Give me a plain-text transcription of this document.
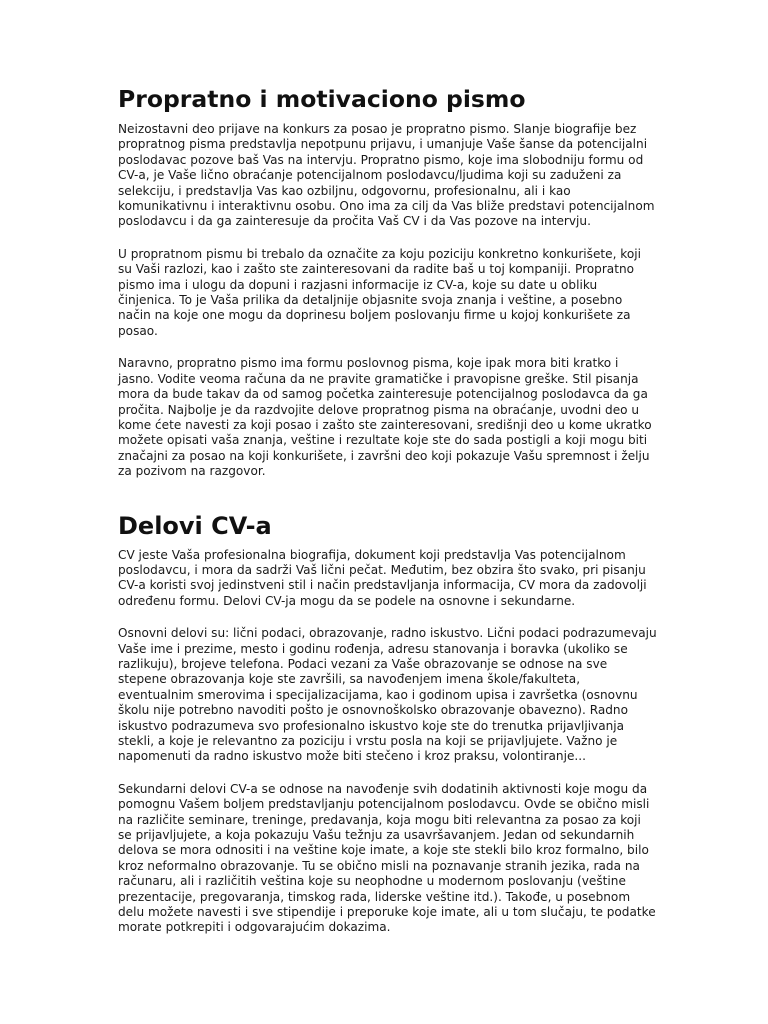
Propratno i motivaciono pismo

Neizostavni deo prijave na konkurs za posao je propratno pismo. Slanje biografije bez propratnog pisma predstavlja nepotpunu prijavu, i umanjuje Vaše šanse da potencijalni poslodavac pozove baš Vas na intervju. Propratno pismo, koje ima slobodniju formu od CV-a, je Vaše lično obraćanje potencijalnom poslodavcu/ljudima koji su zaduženi za selekciju, i predstavlja Vas kao ozbiljnu, odgovornu, profesionalnu, ali i kao komunikativnu i interaktivnu osobu. Ono ima za cilj da Vas bliže predstavi potencijalnom poslodavcu i da ga zainteresuje da pročita Vaš CV i da Vas pozove na intervju.

U propratnom pismu bi trebalo da označite za koju poziciju konkretno konkurišete, koji su Vaši razlozi, kao i zašto ste zainteresovani da radite baš u toj kompaniji. Propratno pismo ima i ulogu da dopuni i razjasni informacije iz CV-a, koje su date u obliku činjenica. To je Vaša prilika da detaljnije objasnite svoja znanja i veštine, a posebno način na koje one mogu da doprinesu boljem poslovanju firme u kojoj konkurišete za posao.

Naravno, propratno pismo ima formu poslovnog pisma, koje ipak mora biti kratko i jasno. Vodite veoma računa da ne pravite gramatičke i pravopisne greške. Stil pisanja mora da bude takav da od samog početka zainteresuje potencijalnog poslodavca da ga pročita. Najbolje je da razdvojite delove propratnog pisma na obraćanje, uvodni deo u kome ćete navesti za koji posao i zašto ste zainteresovani, središnji deo u kome ukratko možete opisati vaša znanja, veštine i rezultate koje ste do sada postigli a koji mogu biti značajni za posao na koji konkurišete, i završni deo koji pokazuje Vašu spremnost i želju za pozivom na razgovor.

Delovi CV-a

CV jeste Vaša profesionalna biografija, dokument koji predstavlja Vas potencijalnom poslodavcu, i mora da sadrži Vaš lični pečat. Međutim, bez obzira što svako, pri pisanju CV-a koristi svoj jedinstveni stil i način predstavljanja informacija, CV mora da zadovolji određenu formu. Delovi CV-ja mogu da se podele na osnovne i sekundarne.

Osnovni delovi su: lični podaci, obrazovanje, radno iskustvo. Lični podaci podrazumevaju Vaše ime i prezime, mesto i godinu rođenja, adresu stanovanja i boravka (ukoliko se razlikuju), brojeve telefona. Podaci vezani za Vaše obrazovanje se odnose na sve stepene obrazovanja koje ste završili, sa navođenjem imena škole/fakulteta, eventualnim smerovima i specijalizacijama, kao i godinom upisa i završetka (osnovnu školu nije potrebno navoditi pošto je osnovnoškolsko obrazovanje obavezno). Radno iskustvo podrazumeva svo profesionalno iskustvo koje ste do trenutka prijavljivanja stekli, a koje je relevantno za poziciju i vrstu posla na koji se prijavljujete. Važno je napomenuti da radno iskustvo može biti stečeno i kroz praksu, volontiranje...

Sekundarni delovi CV-a se odnose na navođenje svih dodatinih aktivnosti koje mogu da pomognu Vašem boljem predstavljanju potencijalnom poslodavcu. Ovde se obično misli na različite seminare, treninge, predavanja, koja mogu biti relevantna za posao za koji se prijavljujete, a koja pokazuju Vašu težnju za usavršavanjem. Jedan od sekundarnih delova se mora odnositi i na veštine koje imate, a koje ste stekli bilo kroz formalno, bilo kroz neformalno obrazovanje. Tu se obično misli na poznavanje stranih jezika, rada na računaru, ali i različitih veština koje su neophodne u modernom poslovanju (veštine prezentacije, pregovaranja, timskog rada, liderske veštine itd.). Takođe, u posebnom delu možete navesti i sve stipendije i preporuke koje imate, ali u tom slučaju, te podatke morate potkrepiti i odgovarajućim dokazima.
